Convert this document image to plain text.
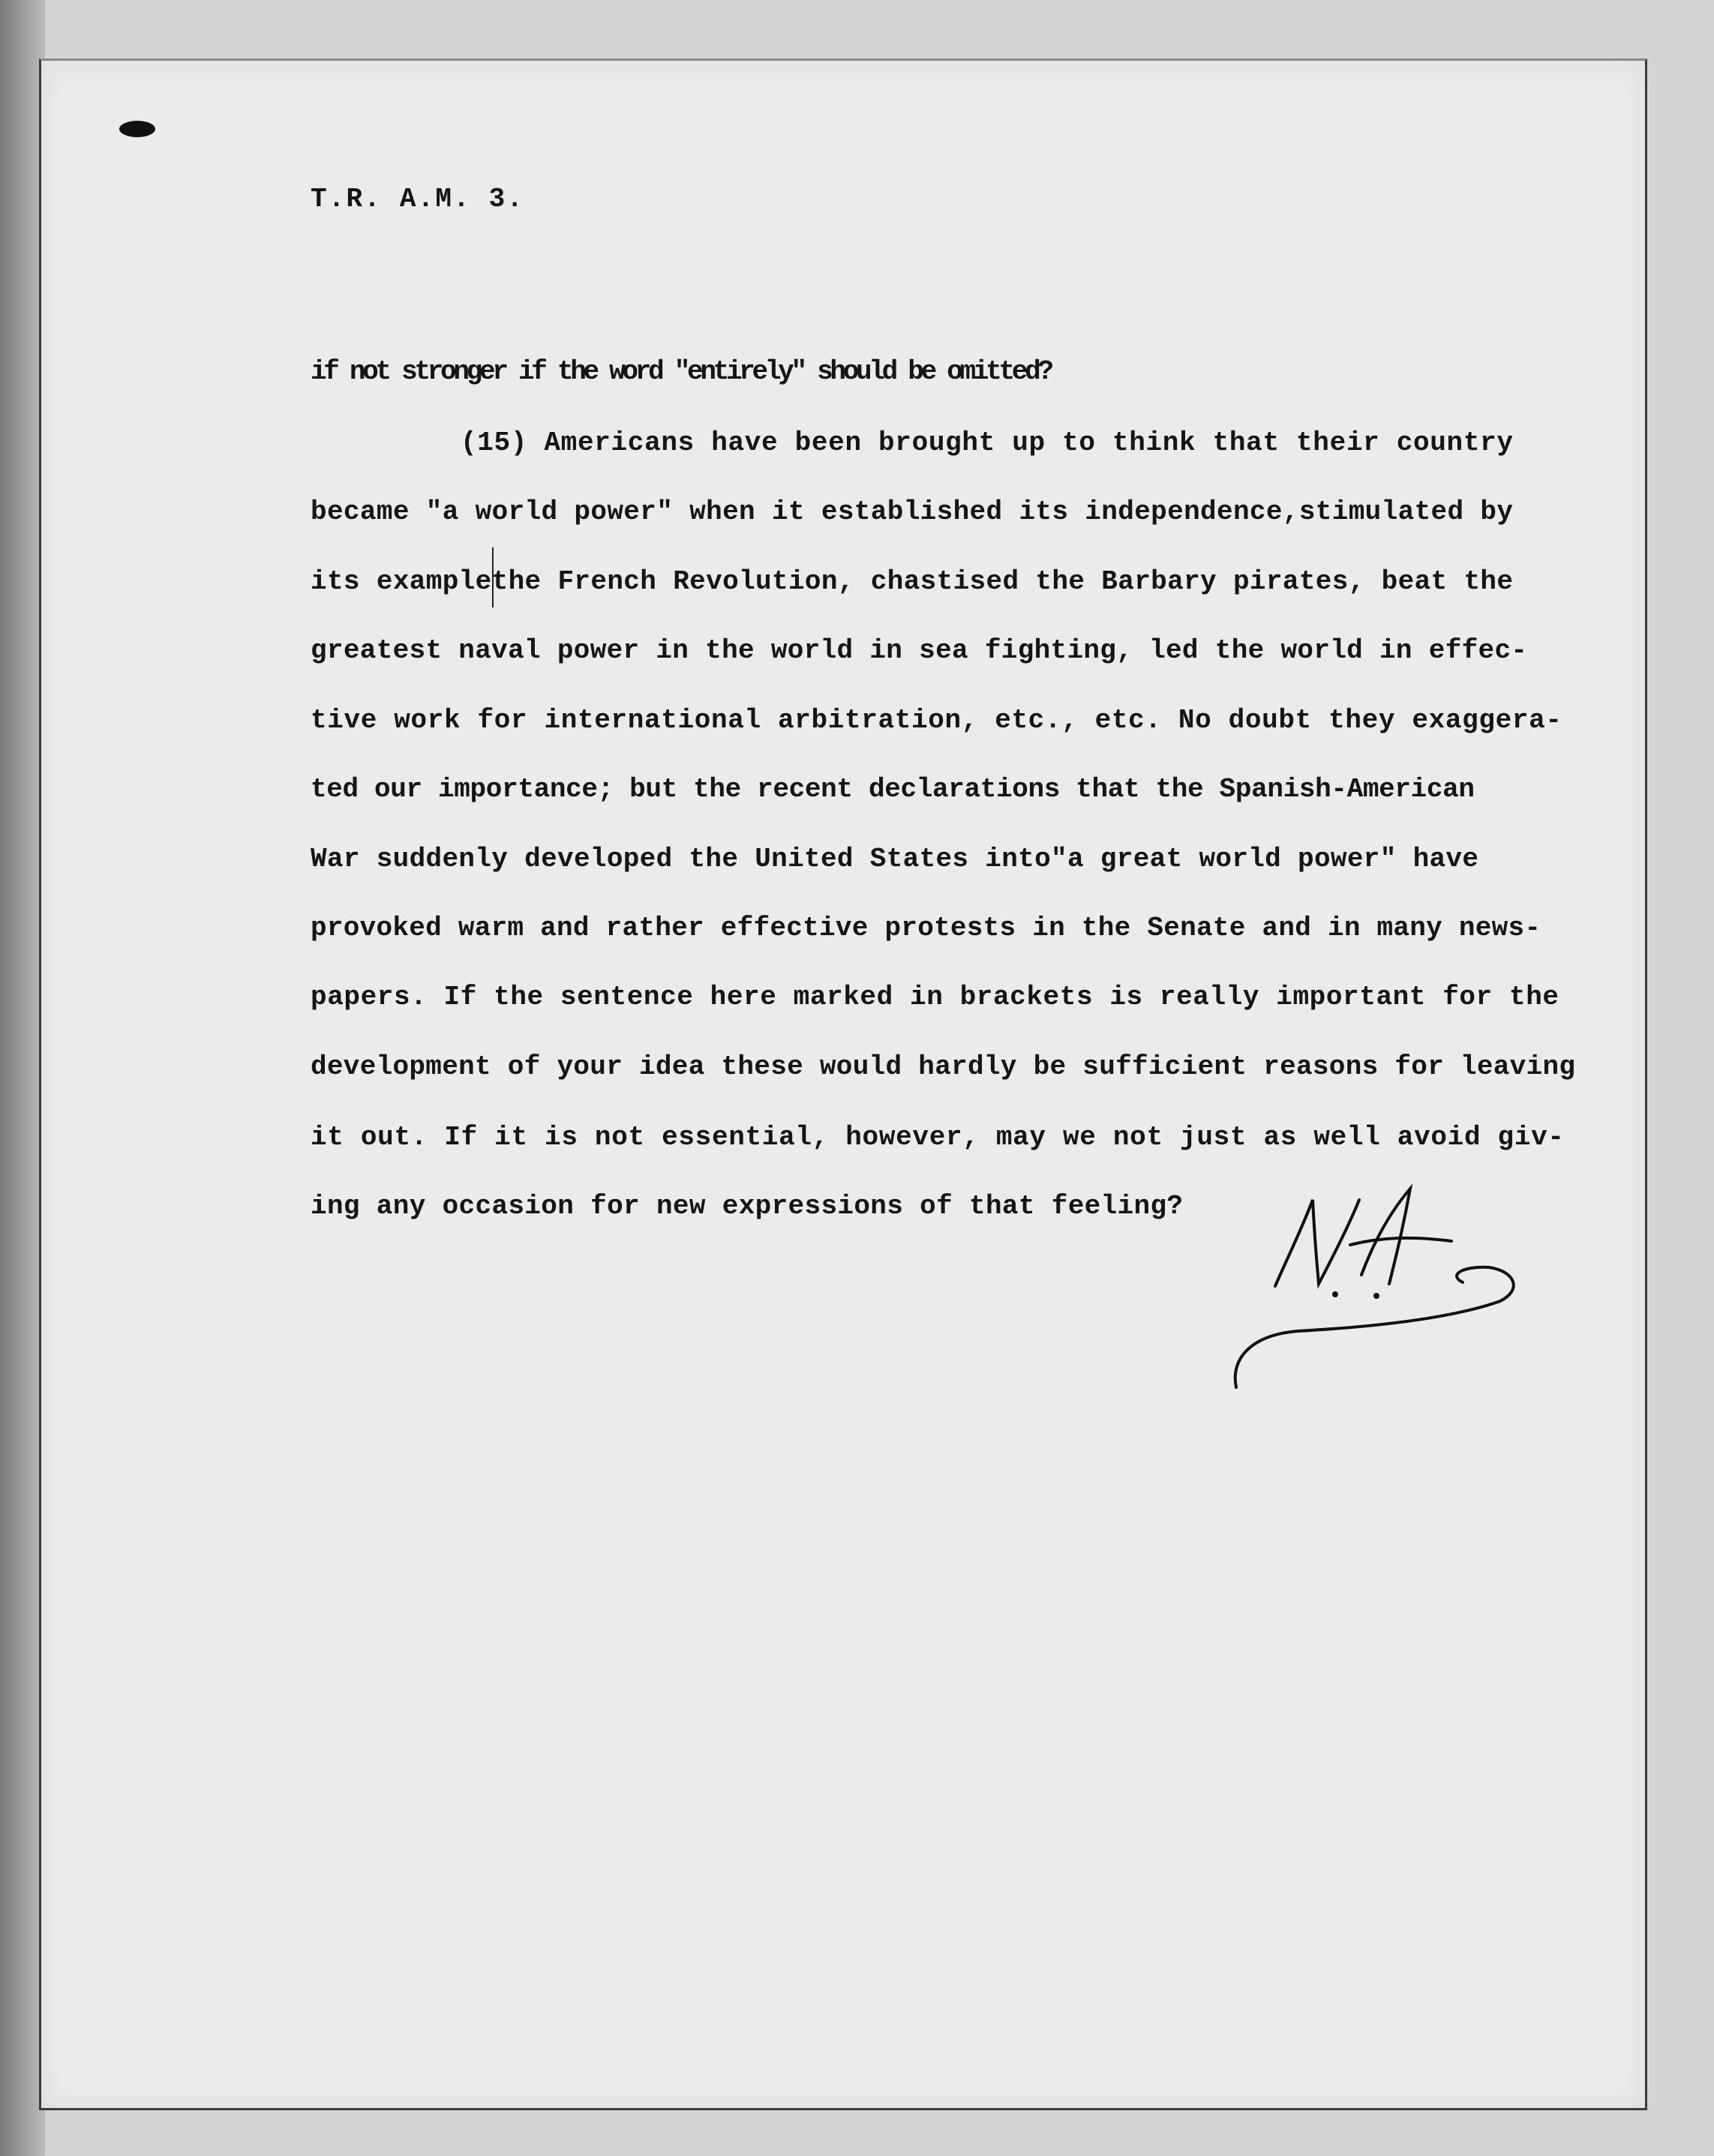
T.R. A.M. 3.
if not stronger if the word "entirely" should be omitted?
(15) Americans have been brought up to think that their country
became "a world power" when it established its independence,stimulated by
its examplethe French Revolution, chastised the Barbary pirates, beat the
greatest naval power in the world in sea fighting, led the world in effec-
tive work for international arbitration, etc., etc. No doubt they exaggera-
ted our importance; but the recent declarations that the Spanish-American
War suddenly developed the United States into"a great world power" have
provoked warm and rather effective protests in the Senate and in many news-
papers. If the sentence here marked in brackets is really important for the
development of your idea these would hardly be sufficient reasons for leaving
it out. If it is not essential, however, may we not just as well avoid giv-
ing any occasion for new expressions of that feeling?
